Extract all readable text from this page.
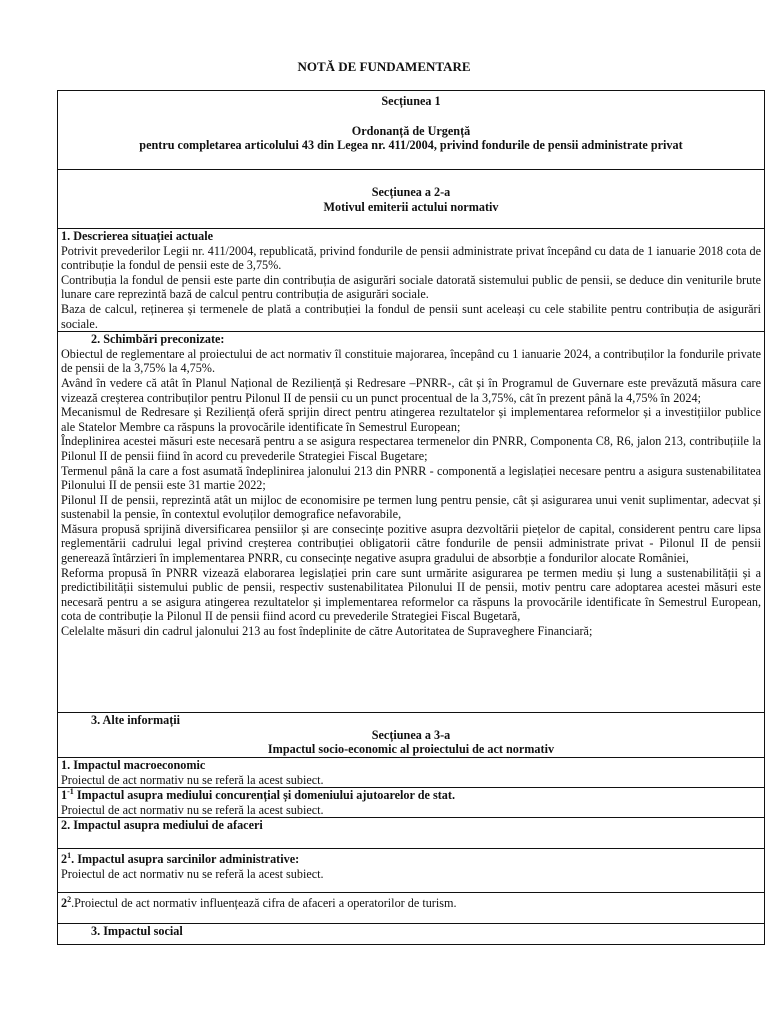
NOTĂ DE FUNDAMENTARE

Secțiunea 1

Ordonanță de Urgență

pentru completarea articolului 43 din Legea nr. 411/2004, privind fondurile de pensii administrate privat

Secțiunea a 2-a

Motivul emiterii actului normativ

1. Descrierea situației actuale

Potrivit prevederilor Legii nr. 411/2004, republicată, privind fondurile de pensii administrate privat începând cu data de 1 ianuarie 2018 cota de contribuție la fondul de pensii este de 3,75%.

Contribuția la fondul de pensii este parte din contribuția de asigurări sociale datorată sistemului public de pensii, se deduce din veniturile brute lunare care reprezintă bază de calcul pentru contribuția de asigurări sociale.

Baza de calcul, reținerea și termenele de plată a contribuției la fondul de pensii sunt aceleași cu cele stabilite pentru contribuția de asigurări sociale.

2. Schimbări preconizate:

Obiectul de reglementare al proiectului de act normativ îl constituie majorarea, începând cu 1 ianuarie 2024, a contribuților la fondurile private de pensii de la 3,75% la 4,75%.

Având în vedere că atât în Planul Național de Reziliență și Redresare –PNRR-, cât și în Programul de Guvernare este prevăzută măsura care vizează creșterea contribuților pentru Pilonul II de pensii cu un punct procentual de la 3,75%, cât în prezent până la 4,75% în 2024;

Mecanismul de Redresare și Reziliență oferă sprijin direct pentru atingerea rezultatelor și implementarea reformelor și a investițiilor publice ale Statelor Membre ca răspuns la provocările identificate în Semestrul European;

Îndeplinirea acestei măsuri este necesară pentru a se asigura respectarea termenelor din PNRR, Componenta C8, R6, jalon 213, contribuțiile la Pilonul II de pensii fiind în acord cu prevederile Strategiei Fiscal Bugetare;

Termenul până la care a fost asumată îndeplinirea jalonului 213 din PNRR - componentă a legislației necesare pentru a asigura sustenabilitatea Pilonului II de pensii este 31 martie 2022;

Pilonul II de pensii, reprezintă atât un mijloc de economisire pe termen lung pentru pensie, cât și asigurarea unui venit suplimentar, adecvat și sustenabil la pensie, în contextul evoluților demografice nefavorabile,

Măsura propusă sprijină diversificarea pensiilor și are consecințe pozitive asupra dezvoltării piețelor de capital, considerent pentru care lipsa reglementării cadrului legal privind creșterea contribuției obligatorii către fondurile de pensii administrate privat - Pilonul II de pensii generează întârzieri în implementarea PNRR, cu consecințe negative asupra gradului de absorbție a fondurilor alocate României,

Reforma propusă în PNRR vizează elaborarea legislației prin care sunt urmărite asigurarea pe termen mediu și lung a sustenabilității și a predictibilității sistemului public de pensii, respectiv sustenabilitatea Pilonului II de pensii, motiv pentru care adoptarea acestei măsuri este necesară pentru a se asigura atingerea rezultatelor și implementarea reformelor ca răspuns la provocările identificate în Semestrul European, cota de contribuție la Pilonul II de pensii fiind acord cu prevederile Strategiei Fiscal Bugetară,

Celelalte măsuri din cadrul jalonului 213 au fost îndeplinite de către Autoritatea de Supraveghere Financiară;

3. Alte informații

Secțiunea a 3-a

Impactul socio-economic al proiectului de act normativ

1. Impactul macroeconomic

Proiectul de act normativ nu se referă la acest subiect.

$1^{-1}$ Impactul asupra mediului concurențial și domeniului ajutoarelor de stat.

Proiectul de act normativ nu se referă la acest subiect.

2. Impactul asupra mediului de afaceri

$2^1$. Impactul asupra sarcinilor administrative:

Proiectul de act normativ nu se referă la acest subiect.

$2^2.Proiectul$ de act normativ influențează cifra de afaceri a operatorilor de turism.

3. Impactul social
